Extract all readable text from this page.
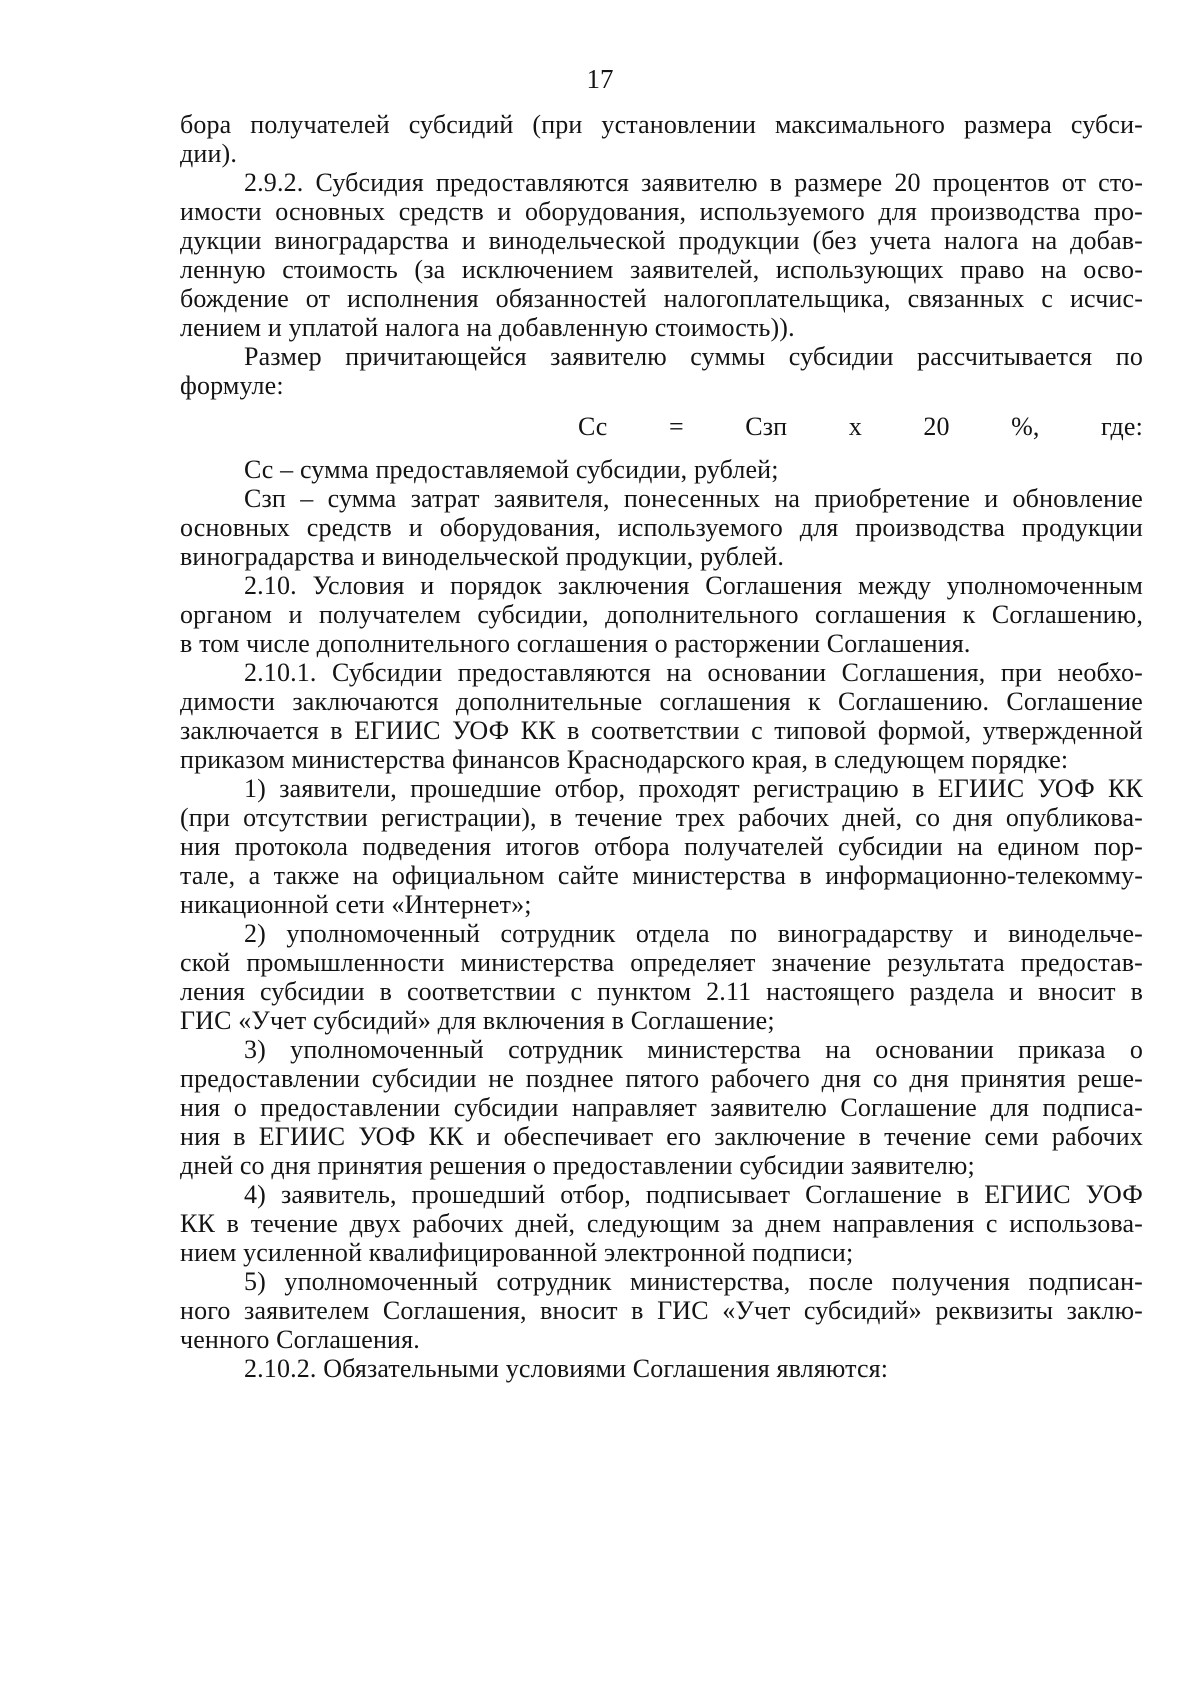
17

бора получателей субсидий (при установлении максимального размера субси-
дии).

2.9.2. Субсидия предоставляются заявителю в размере 20 процентов от сто-
имости основных средств и оборудования, используемого для производства про-
дукции виноградарства и винодельческой продукции (без учета налога на добав-
ленную стоимость (за исключением заявителей, использующих право на осво-
бождение от исполнения обязанностей налогоплательщика, связанных с исчис-
лением и уплатой налога на добавленную стоимость)).

Размер причитающейся заявителю суммы субсидии рассчитывается по
формуле:

Сс = Сзп х 20 %, где:

Сс – сумма предоставляемой субсидии, рублей;

Сзп – сумма затрат заявителя, понесенных на приобретение и обновление
основных средств и оборудования, используемого для производства продукции
виноградарства и винодельческой продукции, рублей.

2.10. Условия и порядок заключения Соглашения между уполномоченным
органом и получателем субсидии, дополнительного соглашения к Соглашению,
в том числе дополнительного соглашения о расторжении Соглашения.

2.10.1. Субсидии предоставляются на основании Соглашения, при необхо-
димости заключаются дополнительные соглашения к Соглашению. Соглашение
заключается в ЕГИИС УОФ КК в соответствии с типовой формой, утвержденной
приказом министерства финансов Краснодарского края, в следующем порядке:

1) заявители, прошедшие отбор, проходят регистрацию в ЕГИИС УОФ КК
(при отсутствии регистрации), в течение трех рабочих дней, со дня опубликова-
ния протокола подведения итогов отбора получателей субсидии на едином пор-
тале, а также на официальном сайте министерства в информационно-телекомму-
никационной сети «Интернет»;

2) уполномоченный сотрудник отдела по виноградарству и винодельче-
ской промышленности министерства определяет значение результата предостав-
ления субсидии в соответствии с пунктом 2.11 настоящего раздела и вносит в
ГИС «Учет субсидий» для включения в Соглашение;

3) уполномоченный сотрудник министерства на основании приказа о
предоставлении субсидии не позднее пятого рабочего дня со дня принятия реше-
ния о предоставлении субсидии направляет заявителю Соглашение для подписа-
ния в ЕГИИС УОФ КК и обеспечивает его заключение в течение семи рабочих
дней со дня принятия решения о предоставлении субсидии заявителю;

4) заявитель, прошедший отбор, подписывает Соглашение в ЕГИИС УОФ
КК в течение двух рабочих дней, следующим за днем направления с использова-
нием усиленной квалифицированной электронной подписи;

5) уполномоченный сотрудник министерства, после получения подписан-
ного заявителем Соглашения, вносит в ГИС «Учет субсидий» реквизиты заклю-
ченного Соглашения.

2.10.2. Обязательными условиями Соглашения являются:
